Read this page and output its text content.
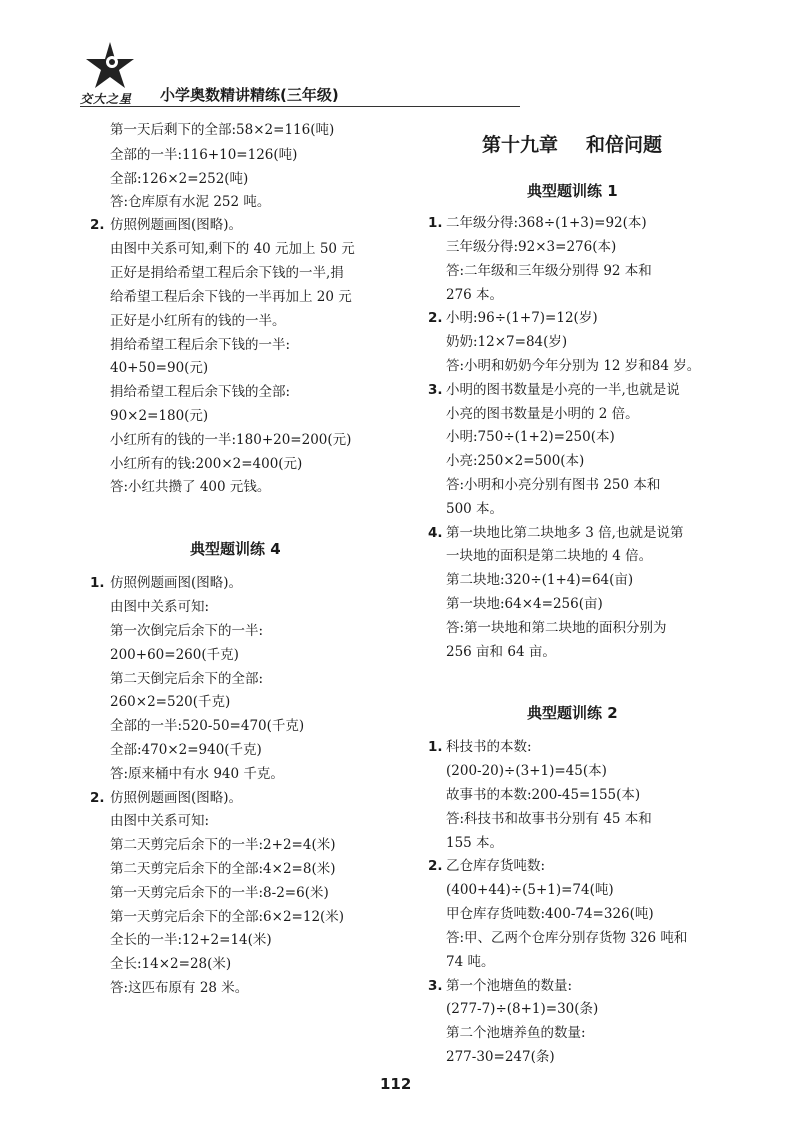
交大之星 小学奥数精讲精练(三年级)
第一天后剩下的全部:58×2=116(吨)
全部的一半:116+10=126(吨)
全部:126×2=252(吨)
答:仓库原有水泥 252 吨。
2. 仿照例题画图(图略)。
由图中关系可知,剩下的 40 元加上 50 元
正好是捐给希望工程后余下钱的一半,捐
给希望工程后余下钱的一半再加上 20 元
正好是小红所有的钱的一半。
捐给希望工程后余下钱的一半:
40+50=90(元)
捐给希望工程后余下钱的全部:
90×2=180(元)
小红所有的钱的一半:180+20=200(元)
小红所有的钱:200×2=400(元)
答:小红共攒了 400 元钱。
典型题训练 4
1. 仿照例题画图(图略)。
由图中关系可知:
第一次倒完后余下的一半:
200+60=260(千克)
第二天倒完后余下的全部:
260×2=520(千克)
全部的一半:520-50=470(千克)
全部:470×2=940(千克)
答:原来桶中有水 940 千克。
2. 仿照例题画图(图略)。
由图中关系可知:
第二天剪完后余下的一半:2+2=4(米)
第二天剪完后余下的全部:4×2=8(米)
第一天剪完后余下的一半:8-2=6(米)
第一天剪完后余下的全部:6×2=12(米)
全长的一半:12+2=14(米)
全长:14×2=28(米)
答:这匹布原有 28 米。
第十九章 和倍问题
典型题训练 1
1. 二年级分得:368÷(1+3)=92(本)
三年级分得:92×3=276(本)
答:二年级和三年级分别得 92 本和
276 本。
2. 小明:96÷(1+7)=12(岁)
奶奶:12×7=84(岁)
答:小明和奶奶今年分别为 12 岁和84 岁。
3. 小明的图书数量是小亮的一半,也就是说
小亮的图书数量是小明的 2 倍。
小明:750÷(1+2)=250(本)
小亮:250×2=500(本)
答:小明和小亮分别有图书 250 本和
500 本。
4. 第一块地比第二块地多 3 倍,也就是说第
一块地的面积是第二块地的 4 倍。
第二块地:320÷(1+4)=64(亩)
第一块地:64×4=256(亩)
答:第一块地和第二块地的面积分别为
256 亩和 64 亩。
典型题训练 2
1. 科技书的本数:
(200-20)÷(3+1)=45(本)
故事书的本数:200-45=155(本)
答:科技书和故事书分别有 45 本和
155 本。
2. 乙仓库存货吨数:
(400+44)÷(5+1)=74(吨)
甲仓库存货吨数:400-74=326(吨)
答:甲、乙两个仓库分别存货物 326 吨和
74 吨。
3. 第一个池塘鱼的数量:
(277-7)÷(8+1)=30(条)
第二个池塘养鱼的数量:
277-30=247(条)
112
